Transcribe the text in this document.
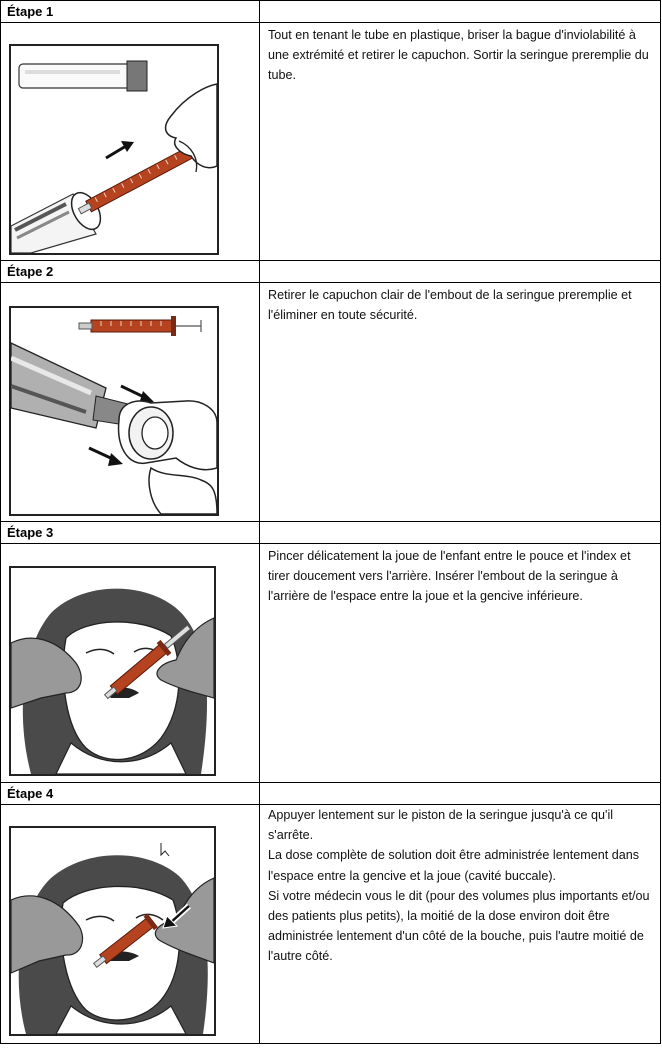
Étape 1

Tout en tenant le tube en plastique, briser la bague d'inviolabilité à une extrémité et retirer le capuchon. Sortir la seringue preremplie du tube.

Étape 2

Retirer le capuchon clair de l'embout de la seringue preremplie et l'éliminer en toute sécurité.

Étape 3

Pincer délicatement la joue de l'enfant entre le pouce et l'index et tirer doucement vers l'arrière. Insérer l'embout de la seringue à l'arrière de l'espace entre la joue et la gencive inférieure.

Étape 4

Appuyer lentement sur le piston de la seringue jusqu'à ce qu'il s'arrête.

La dose complète de solution doit être administrée lentement dans l'espace entre la gencive et la joue (cavité buccale).

Si votre médecin vous le dit (pour des volumes plus importants et/ou des patients plus petits), la moitié de la dose environ doit être administrée lentement d'un côté de la bouche, puis l'autre moitié de l'autre côté.
